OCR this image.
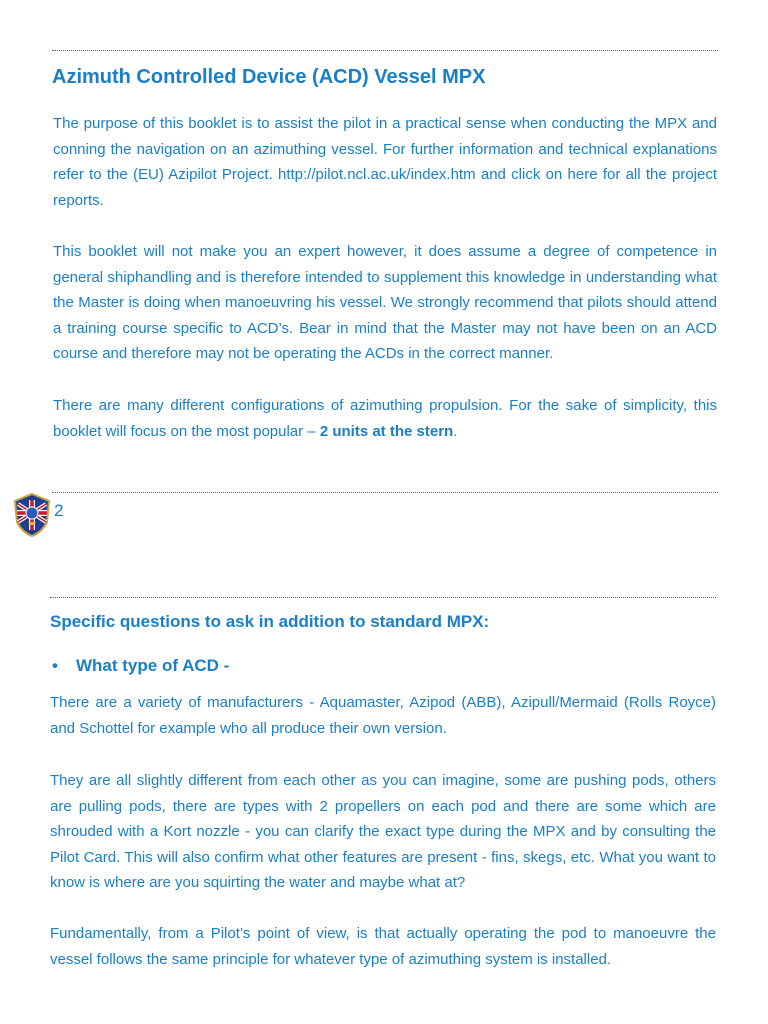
Azimuth Controlled Device (ACD) Vessel MPX

The purpose of this booklet is to assist the pilot in a practical sense when conducting the MPX and conning the navigation on an azimuthing vessel. For further information and technical explanations refer to the (EU) Azipilot Project. http://pilot.ncl.ac.uk/index.htm and click on here for all the project reports.

This booklet will not make you an expert however, it does assume a degree of competence in general shiphandling and is therefore intended to supplement this knowledge in understanding what the Master is doing when manoeuvring his vessel. We strongly recommend that pilots should attend a training course specific to ACD’s. Bear in mind that the Master may not have been on an ACD course and therefore may not be operating the ACDs in the correct manner.

There are many different configurations of azimuthing propulsion. For the sake of simplicity, this booklet will focus on the most popular – 2 units at the stern.

2
Specific questions to ask in addition to standard MPX:
•	What type of ACD -

There are a variety of manufacturers - Aquamaster, Azipod (ABB), Azipull/Mermaid (Rolls Royce) and Schottel for example who all produce their own version.

They are all slightly different from each other as you can imagine, some are pushing pods, others are pulling pods, there are types with 2 propellers on each pod and there are some which are shrouded with a Kort nozzle - you can clarify the exact type during the MPX and by consulting the Pilot Card. This will also confirm what other features are present - fins, skegs, etc. What you want to know is where are you squirting the water and maybe what at?

Fundamentally, from a Pilot’s point of view, is that actually operating the pod to manoeuvre the vessel follows the same principle for whatever type of azimuthing system is installed.
